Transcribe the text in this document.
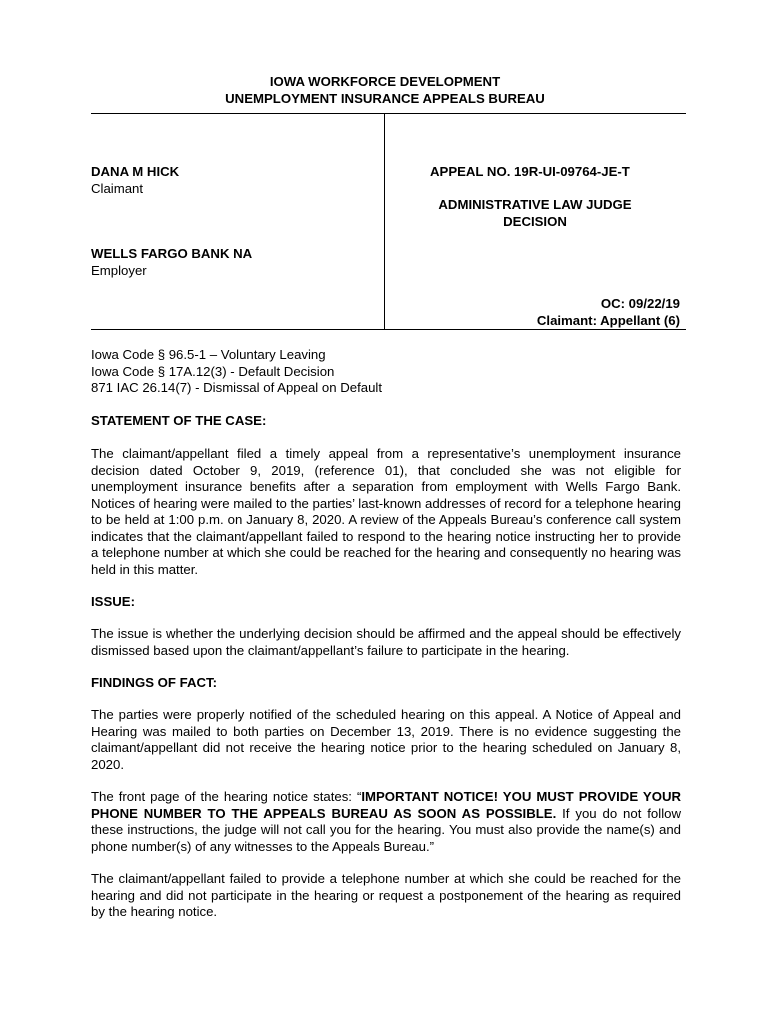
IOWA WORKFORCE DEVELOPMENT
UNEMPLOYMENT INSURANCE APPEALS BUREAU
DANA M HICK
Claimant
WELLS FARGO BANK NA
Employer
APPEAL NO. 19R-UI-09764-JE-T
ADMINISTRATIVE LAW JUDGE
DECISION
OC: 09/22/19
Claimant: Appellant (6)
Iowa Code § 96.5-1 – Voluntary Leaving
Iowa Code § 17A.12(3) - Default Decision
871 IAC 26.14(7) - Dismissal of Appeal on Default
STATEMENT OF THE CASE:
The claimant/appellant filed a timely appeal from a representative’s unemployment insurance decision dated October 9, 2019, (reference 01), that concluded she was not eligible for unemployment insurance benefits after a separation from employment with Wells Fargo Bank. Notices of hearing were mailed to the parties’ last-known addresses of record for a telephone hearing to be held at 1:00 p.m. on January 8, 2020. A review of the Appeals Bureau’s conference call system indicates that the claimant/appellant failed to respond to the hearing notice instructing her to provide a telephone number at which she could be reached for the hearing and consequently no hearing was held in this matter.
ISSUE:
The issue is whether the underlying decision should be affirmed and the appeal should be effectively dismissed based upon the claimant/appellant’s failure to participate in the hearing.
FINDINGS OF FACT:
The parties were properly notified of the scheduled hearing on this appeal. A Notice of Appeal and Hearing was mailed to both parties on December 13, 2019. There is no evidence suggesting the claimant/appellant did not receive the hearing notice prior to the hearing scheduled on January 8, 2020.
The front page of the hearing notice states: “IMPORTANT NOTICE! YOU MUST PROVIDE YOUR PHONE NUMBER TO THE APPEALS BUREAU AS SOON AS POSSIBLE. If you do not follow these instructions, the judge will not call you for the hearing. You must also provide the name(s) and phone number(s) of any witnesses to the Appeals Bureau.”
The claimant/appellant failed to provide a telephone number at which she could be reached for the hearing and did not participate in the hearing or request a postponement of the hearing as required by the hearing notice.
